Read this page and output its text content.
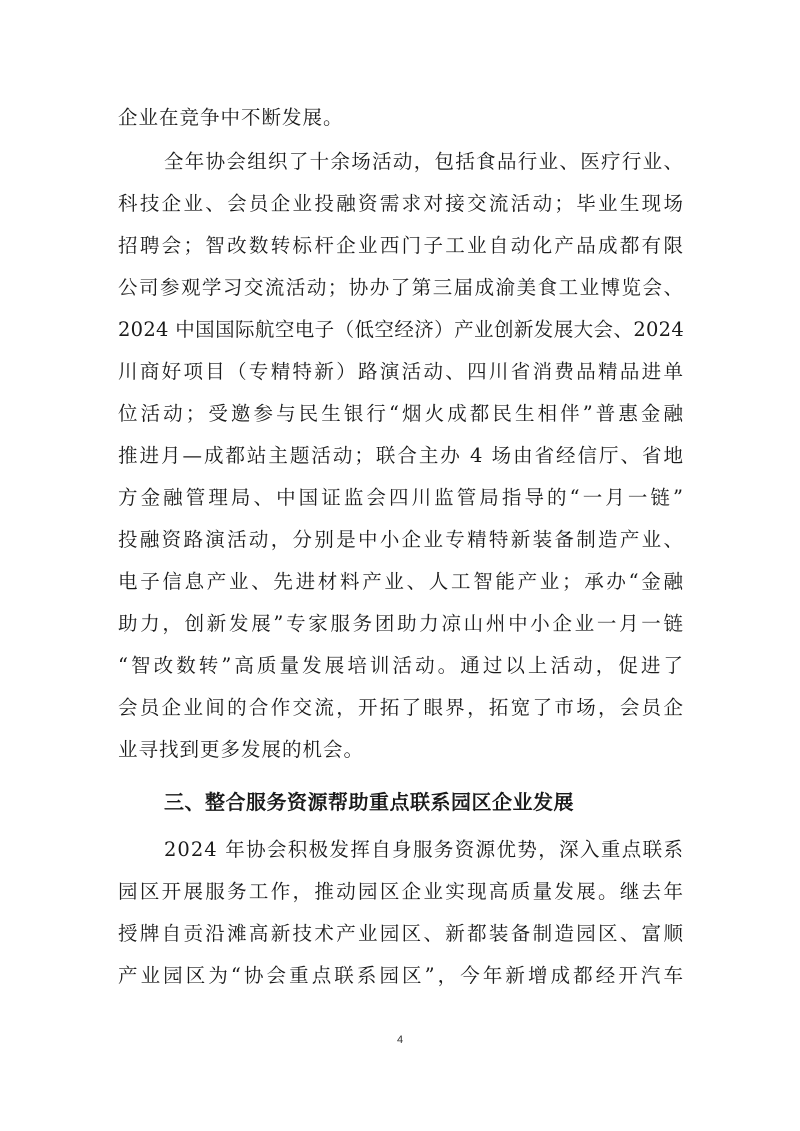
企业在竞争中不断发展。
全年协会组织了十余场活动，包括食品行业、医疗行业、
科技企业、会员企业投融资需求对接交流活动；毕业生现场
招聘会；智改数转标杆企业西门子工业自动化产品成都有限
公司参观学习交流活动；协办了第三届成渝美食工业博览会、
2024 中国国际航空电子（低空经济）产业创新发展大会、2024
川商好项目（专精特新）路演活动、四川省消费品精品进单
位活动；受邀参与民生银行“烟火成都民生相伴”普惠金融
推进月—成都站主题活动；联合主办 4 场由省经信厅、省地
方金融管理局、中国证监会四川监管局指导的“一月一链”
投融资路演活动，分别是中小企业专精特新装备制造产业、
电子信息产业、先进材料产业、人工智能产业；承办“金融
助力，创新发展”专家服务团助力凉山州中小企业一月一链
“智改数转”高质量发展培训活动。通过以上活动，促进了
会员企业间的合作交流，开拓了眼界，拓宽了市场，会员企
业寻找到更多发展的机会。
三、整合服务资源帮助重点联系园区企业发展
2024 年协会积极发挥自身服务资源优势，深入重点联系
园区开展服务工作，推动园区企业实现高质量发展。继去年
授牌自贡沿滩高新技术产业园区、新都装备制造园区、富顺
产业园区为“协会重点联系园区”，今年新增成都经开汽车
4
